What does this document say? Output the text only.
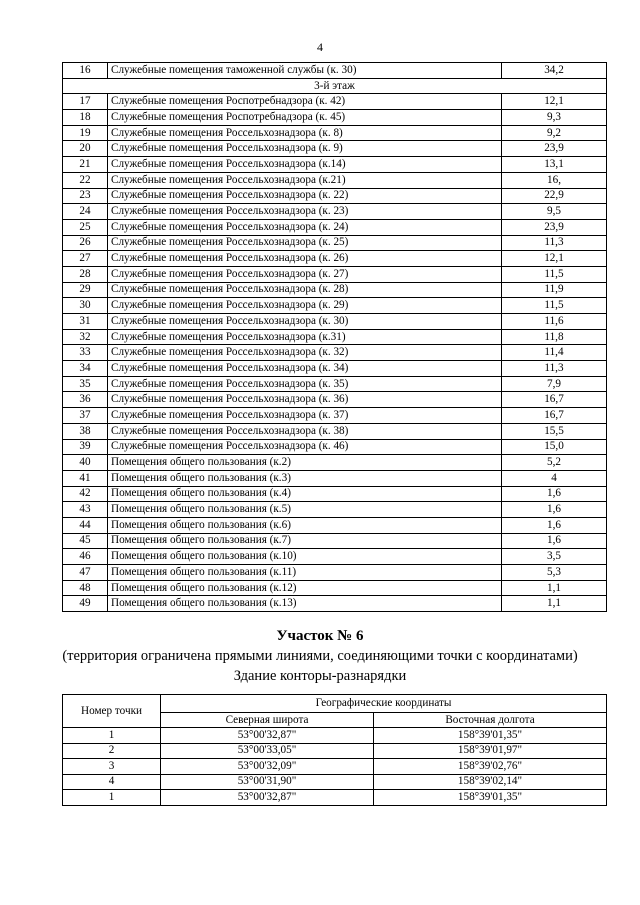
4
16	Служебные помещения таможенной службы (к. 30)	34,2
3-й этаж		
17	Служебные помещения Роспотребнадзора (к. 42)	12,1
18	Служебные помещения Роспотребнадзора (к. 45)	9,3
19	Служебные помещения Россельхознадзора (к. 8)	9,2
20	Служебные помещения Россельхознадзора (к. 9)	23,9
21	Служебные помещения Россельхознадзора (к.14)	13,1
22	Служебные помещения Россельхознадзора (к.21)	16,
23	Служебные помещения Россельхознадзора (к. 22)	22,9
24	Служебные помещения Россельхознадзора (к. 23)	9,5
25	Служебные помещения Россельхознадзора (к. 24)	23,9
26	Служебные помещения Россельхознадзора (к. 25)	11,3
27	Служебные помещения Россельхознадзора (к. 26)	12,1
28	Служебные помещения Россельхознадзора (к. 27)	11,5
29	Служебные помещения Россельхознадзора (к. 28)	11,9
30	Служебные помещения Россельхознадзора (к. 29)	11,5
31	Служебные помещения Россельхознадзора (к. 30)	11,6
32	Служебные помещения Россельхознадзора (к.31)	11,8
33	Служебные помещения Россельхознадзора (к. 32)	11,4
34	Служебные помещения Россельхознадзора (к. 34)	11,3
35	Служебные помещения Россельхознадзора (к. 35)	7,9
36	Служебные помещения Россельхознадзора (к. 36)	16,7
37	Служебные помещения Россельхознадзора (к. 37)	16,7
38	Служебные помещения Россельхознадзора (к. 38)	15,5
39	Служебные помещения Россельхознадзора (к. 46)	15,0
40	Помещения общего пользования (к.2)	5,2
41	Помещения общего пользования (к.3)	4
42	Помещения общего пользования (к.4)	1,6
43	Помещения общего пользования (к.5)	1,6
44	Помещения общего пользования (к.6)	1,6
45	Помещения общего пользования (к.7)	1,6
46	Помещения общего пользования (к.10)	3,5
47	Помещения общего пользования (к.11)	5,3
48	Помещения общего пользования (к.12)	1,1
49	Помещения общего пользования (к.13)	1,1
Участок № 6
(территория ограничена прямыми линиями, соединяющими точки с координатами)
Здание конторы-разнарядки
Номер точки	Географические координаты	
	Северная широта	Восточная долгота
1	53°00'32,87"	158°39'01,35"
2	53°00'33,05"	158°39'01,97"
3	53°00'32,09"	158°39'02,76"
4	53°00'31,90"	158°39'02,14"
1	53°00'32,87"	158°39'01,35"
